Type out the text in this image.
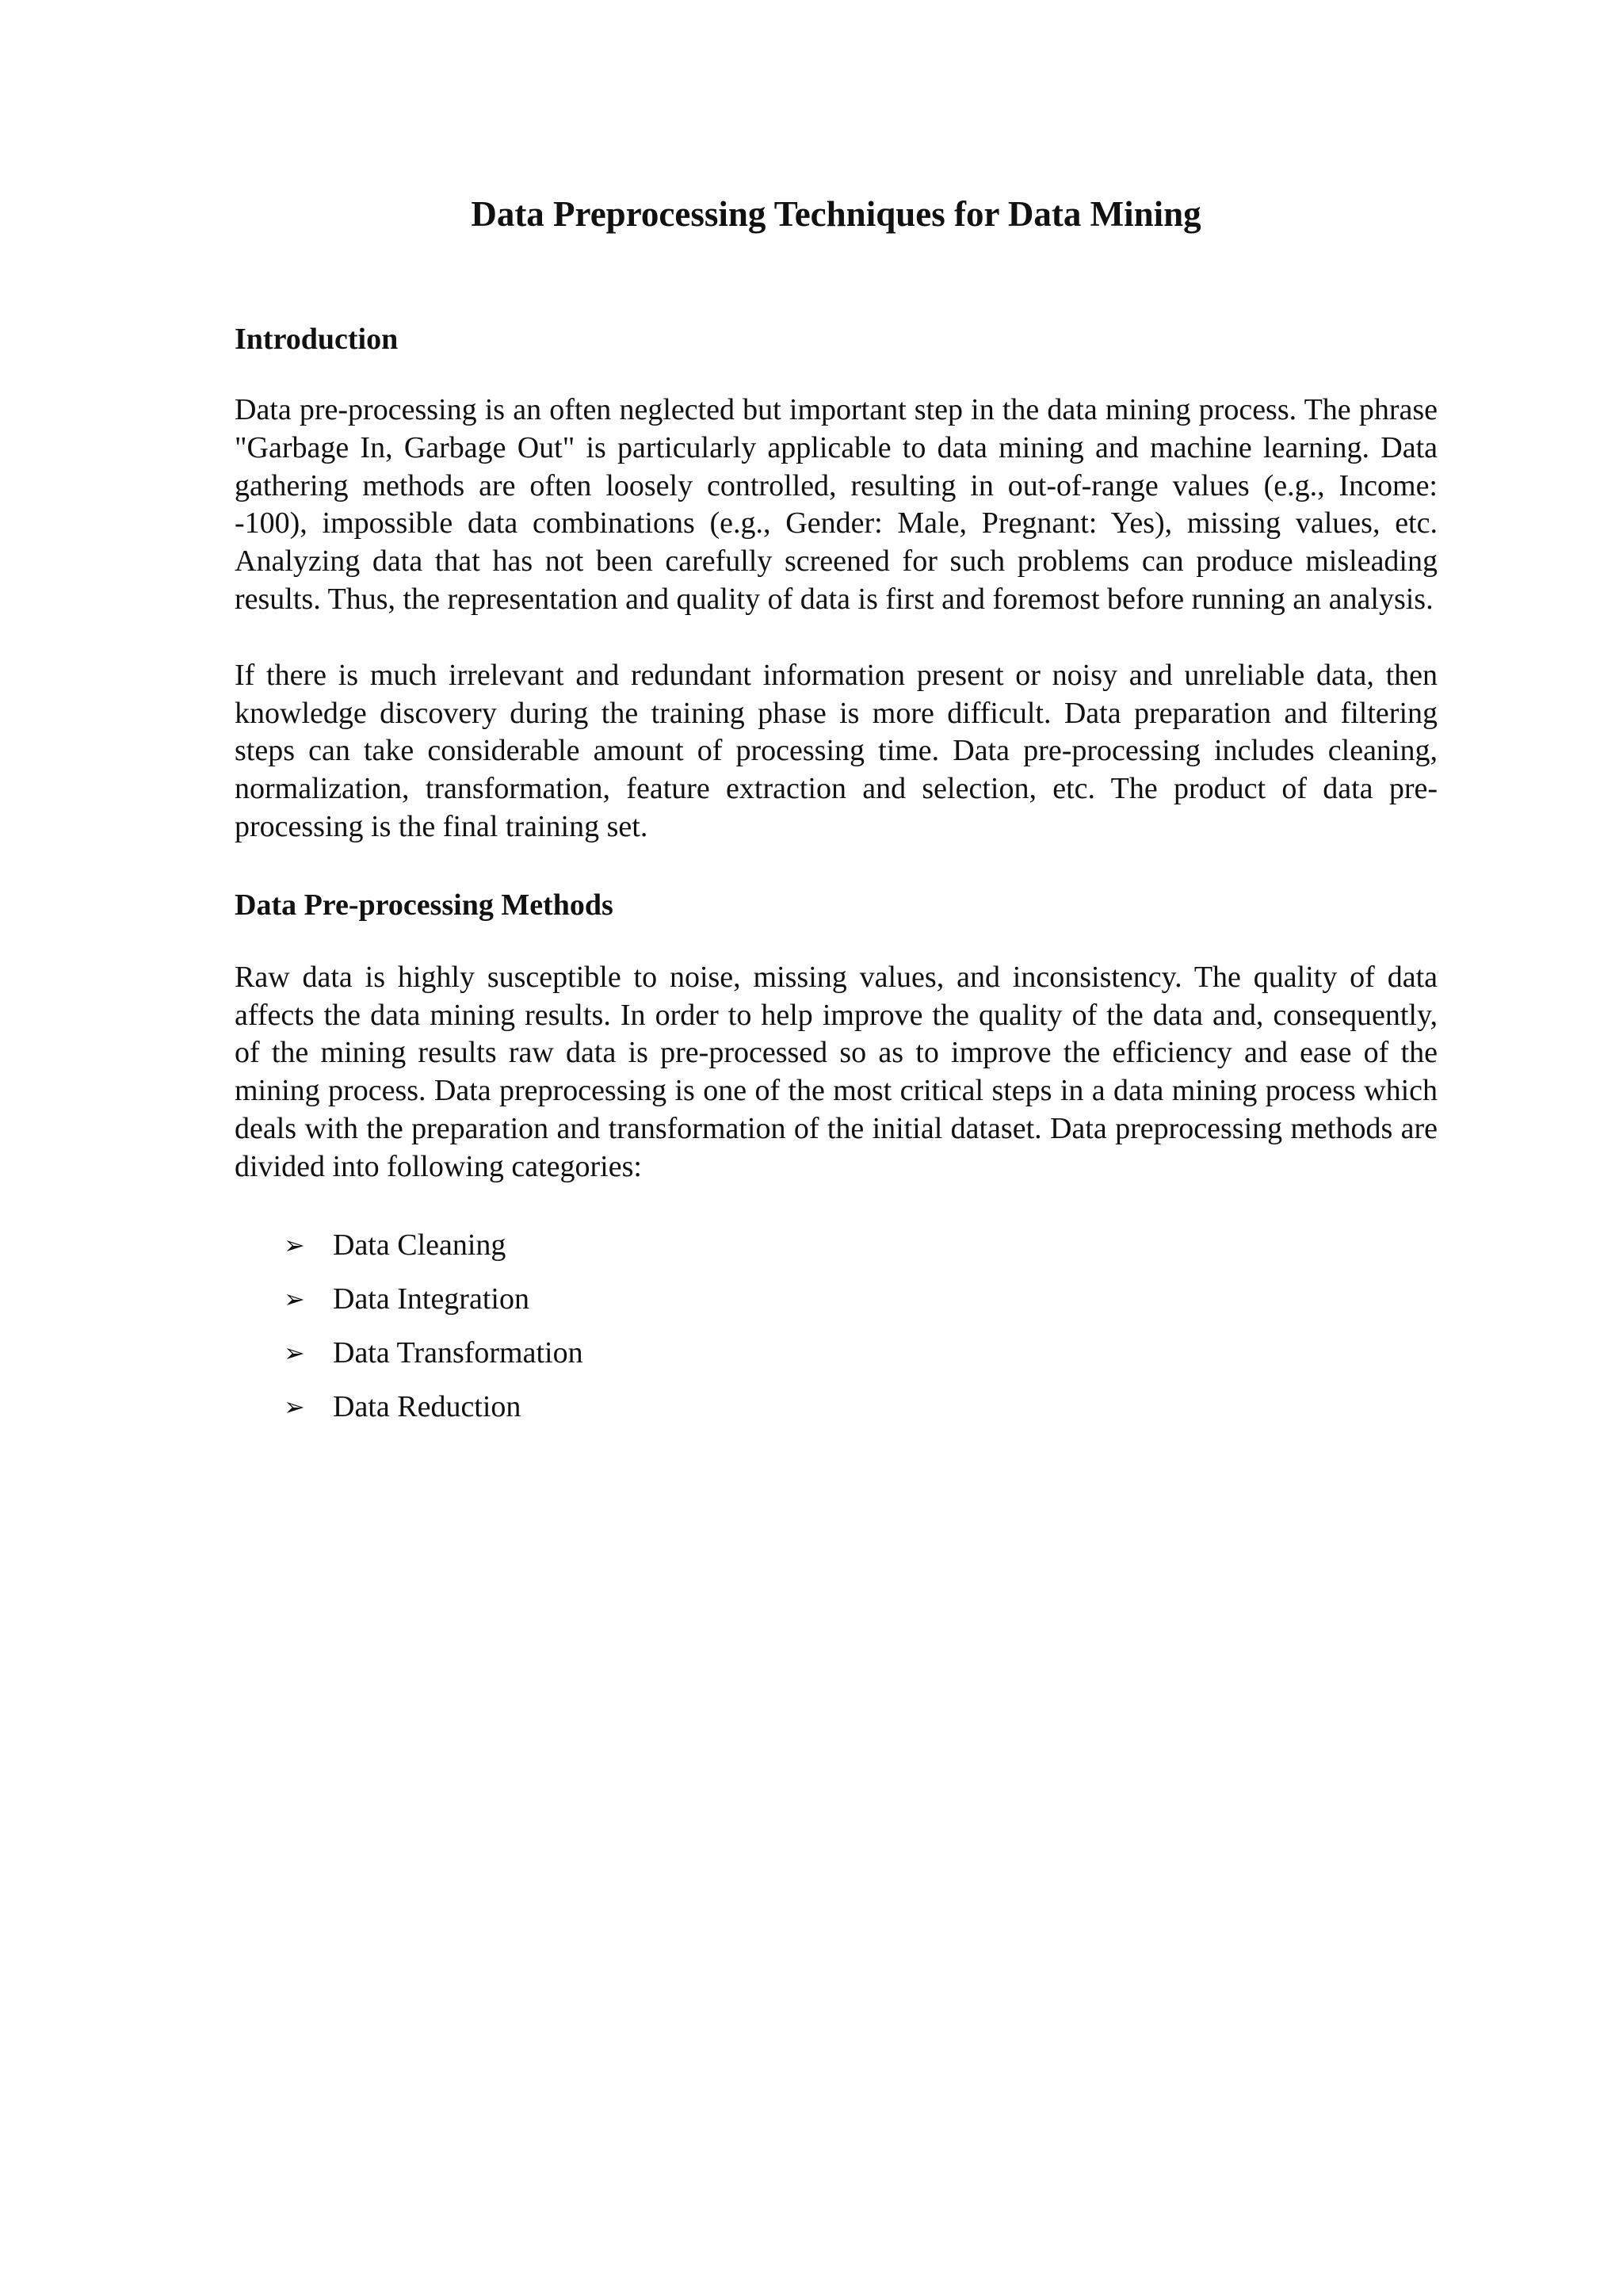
Data Preprocessing Techniques for Data Mining
Introduction

Data pre-processing is an often neglected but important step in the data mining process. The phrase "Garbage In, Garbage Out" is particularly applicable to data mining and machine learning. Data gathering methods are often loosely controlled, resulting in out-of-range values (e.g., Income: -100), impossible data combinations (e.g., Gender: Male, Pregnant: Yes), missing values, etc. Analyzing data that has not been carefully screened for such problems can produce misleading results. Thus, the representation and quality of data is first and foremost before running an analysis.

If there is much irrelevant and redundant information present or noisy and unreliable data, then knowledge discovery during the training phase is more difficult. Data preparation and filtering steps can take considerable amount of processing time. Data pre-processing includes cleaning, normalization, transformation, feature extraction and selection, etc. The product of data pre-processing is the final training set.

Data Pre-processing Methods

Raw data is highly susceptible to noise, missing values, and inconsistency. The quality of data affects the data mining results. In order to help improve the quality of the data and, consequently, of the mining results raw data is pre-processed so as to improve the efficiency and ease of the mining process. Data preprocessing is one of the most critical steps in a data mining process which deals with the preparation and transformation of the initial dataset. Data preprocessing methods are divided into following categories:

➢ Data Cleaning
➢ Data Integration
➢ Data Transformation
➢ Data Reduction
